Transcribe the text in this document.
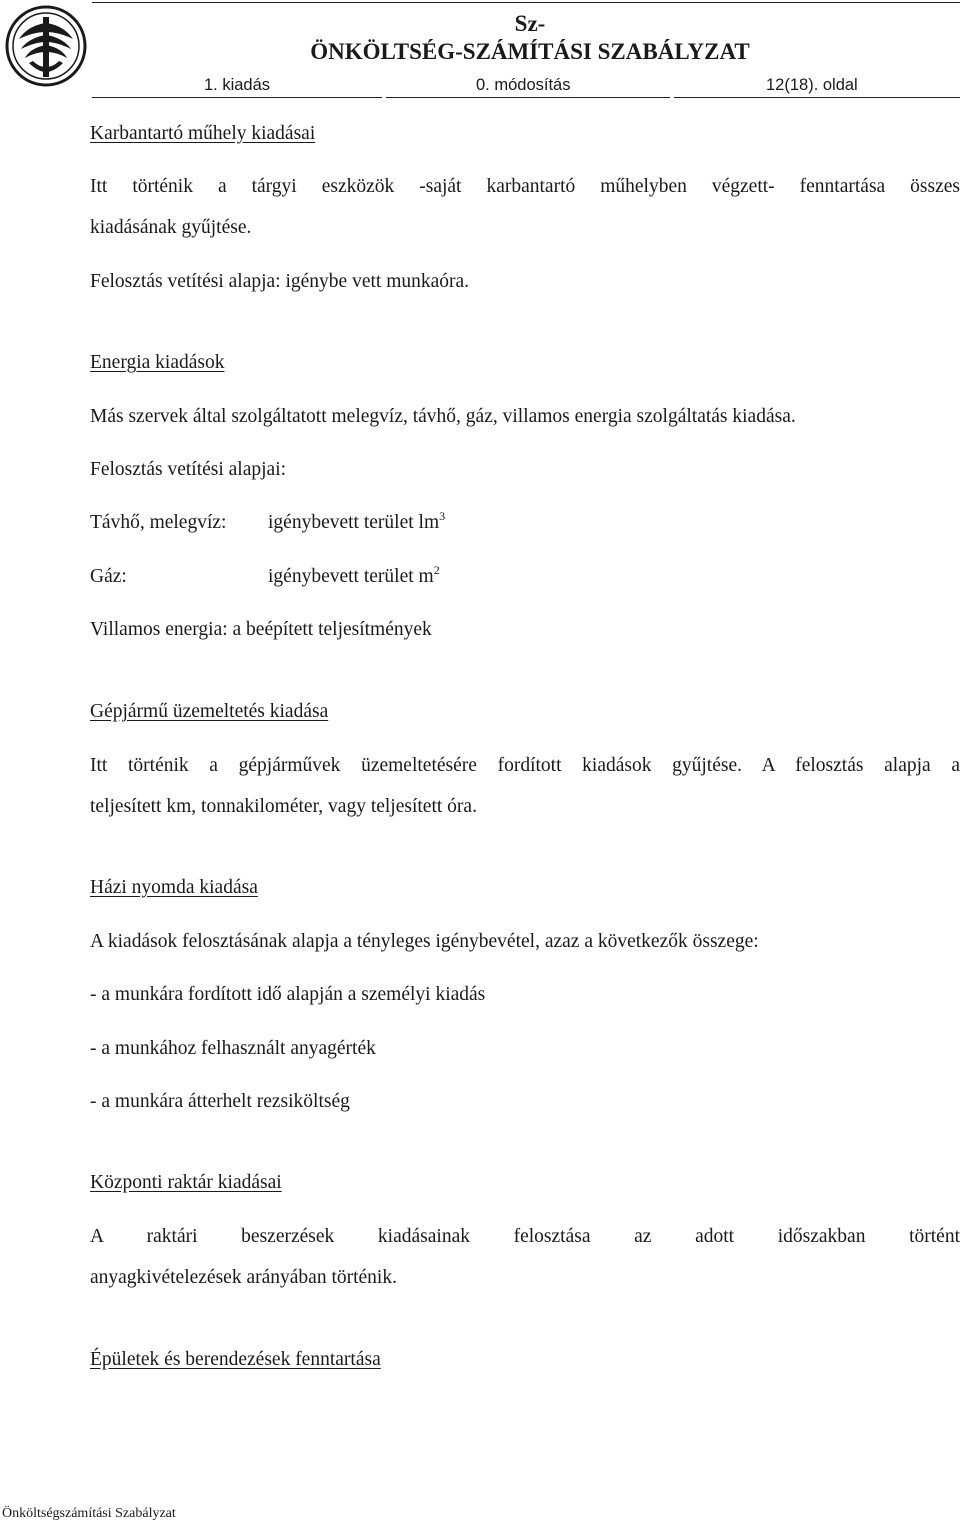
Sz-
ÖNKÖLTSÉG-SZÁMÍTÁSI SZABÁLYZAT
1. kiadás	0. módosítás	12(18). oldal
Karbantartó műhely kiadásai
Itt történik a tárgyi eszközök -saját karbantartó műhelyben végzett- fenntartása összes
kiadásának gyűjtése.
Felosztás vetítési alapja: igénybe vett munkaóra.
Energia kiadások
Más szervek által szolgáltatott melegvíz, távhő, gáz, villamos energia szolgáltatás kiadása.
Felosztás vetítési alapjai:
Távhő, melegvíz: igénybevett terület $lm^3$
Gáz:	igénybevett terület $m^2$
Villamos energia: a beépített teljesítmények
Gépjármű üzemeltetés kiadása
Itt történik a gépjárművek üzemeltetésére fordított kiadások gyűjtése. A felosztás alapja a
teljesített km, tonnakilométer, vagy teljesített óra.
Házi nyomda kiadása
A kiadások felosztásának alapja a tényleges igénybevétel, azaz a következők összege:
- a munkára fordított idő alapján a személyi kiadás
- a munkához felhasznált anyagérték
- a munkára átterhelt rezsiköltség
Központi raktár kiadásai
A raktári beszerzések kiadásainak felosztása az adott időszakban történt
anyagkivételezések arányában történik.
Épületek és berendezések fenntartása
Önköltségszámítási Szabályzat
